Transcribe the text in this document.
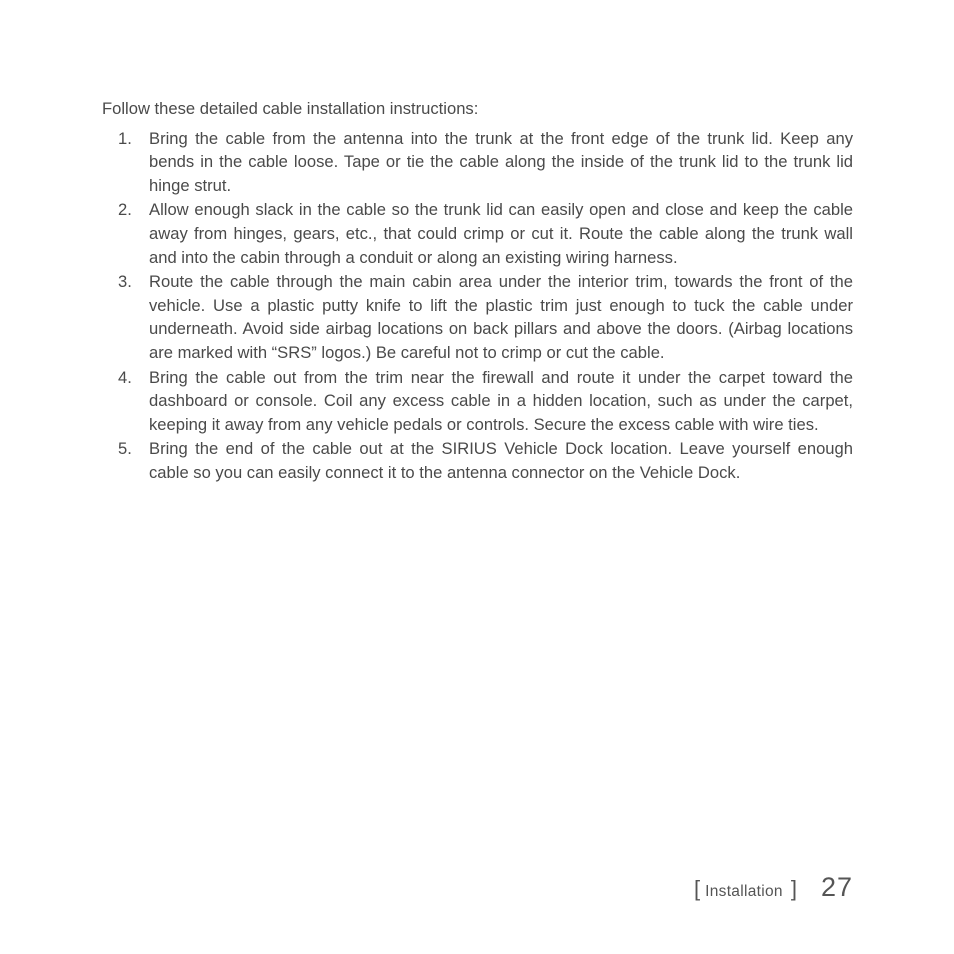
Follow these detailed cable installation instructions:

1. Bring the cable from the antenna into the trunk at the front edge of the trunk lid. Keep any bends in the cable loose. Tape or tie the cable along the inside of the trunk lid to the trunk lid hinge strut.
2. Allow enough slack in the cable so the trunk lid can easily open and close and keep the cable away from hinges, gears, etc., that could crimp or cut it. Route the cable along the trunk wall and into the cabin through a conduit or along an existing wiring harness.
3. Route the cable through the main cabin area under the interior trim, towards the front of the vehicle. Use a plastic putty knife to lift the plastic trim just enough to tuck the cable under underneath. Avoid side airbag locations on back pillars and above the doors. (Airbag locations are marked with “SRS” logos.) Be careful not to crimp or cut the cable.
4. Bring the cable out from the trim near the firewall and route it under the carpet toward the dashboard or console. Coil any excess cable in a hidden location, such as under the carpet, keeping it away from any vehicle pedals or controls. Secure the excess cable with wire ties.
5. Bring the end of the cable out at the SIRIUS Vehicle Dock location. Leave yourself enough cable so you can easily connect it to the antenna connector on the Vehicle Dock.
[ Installation ] 27
